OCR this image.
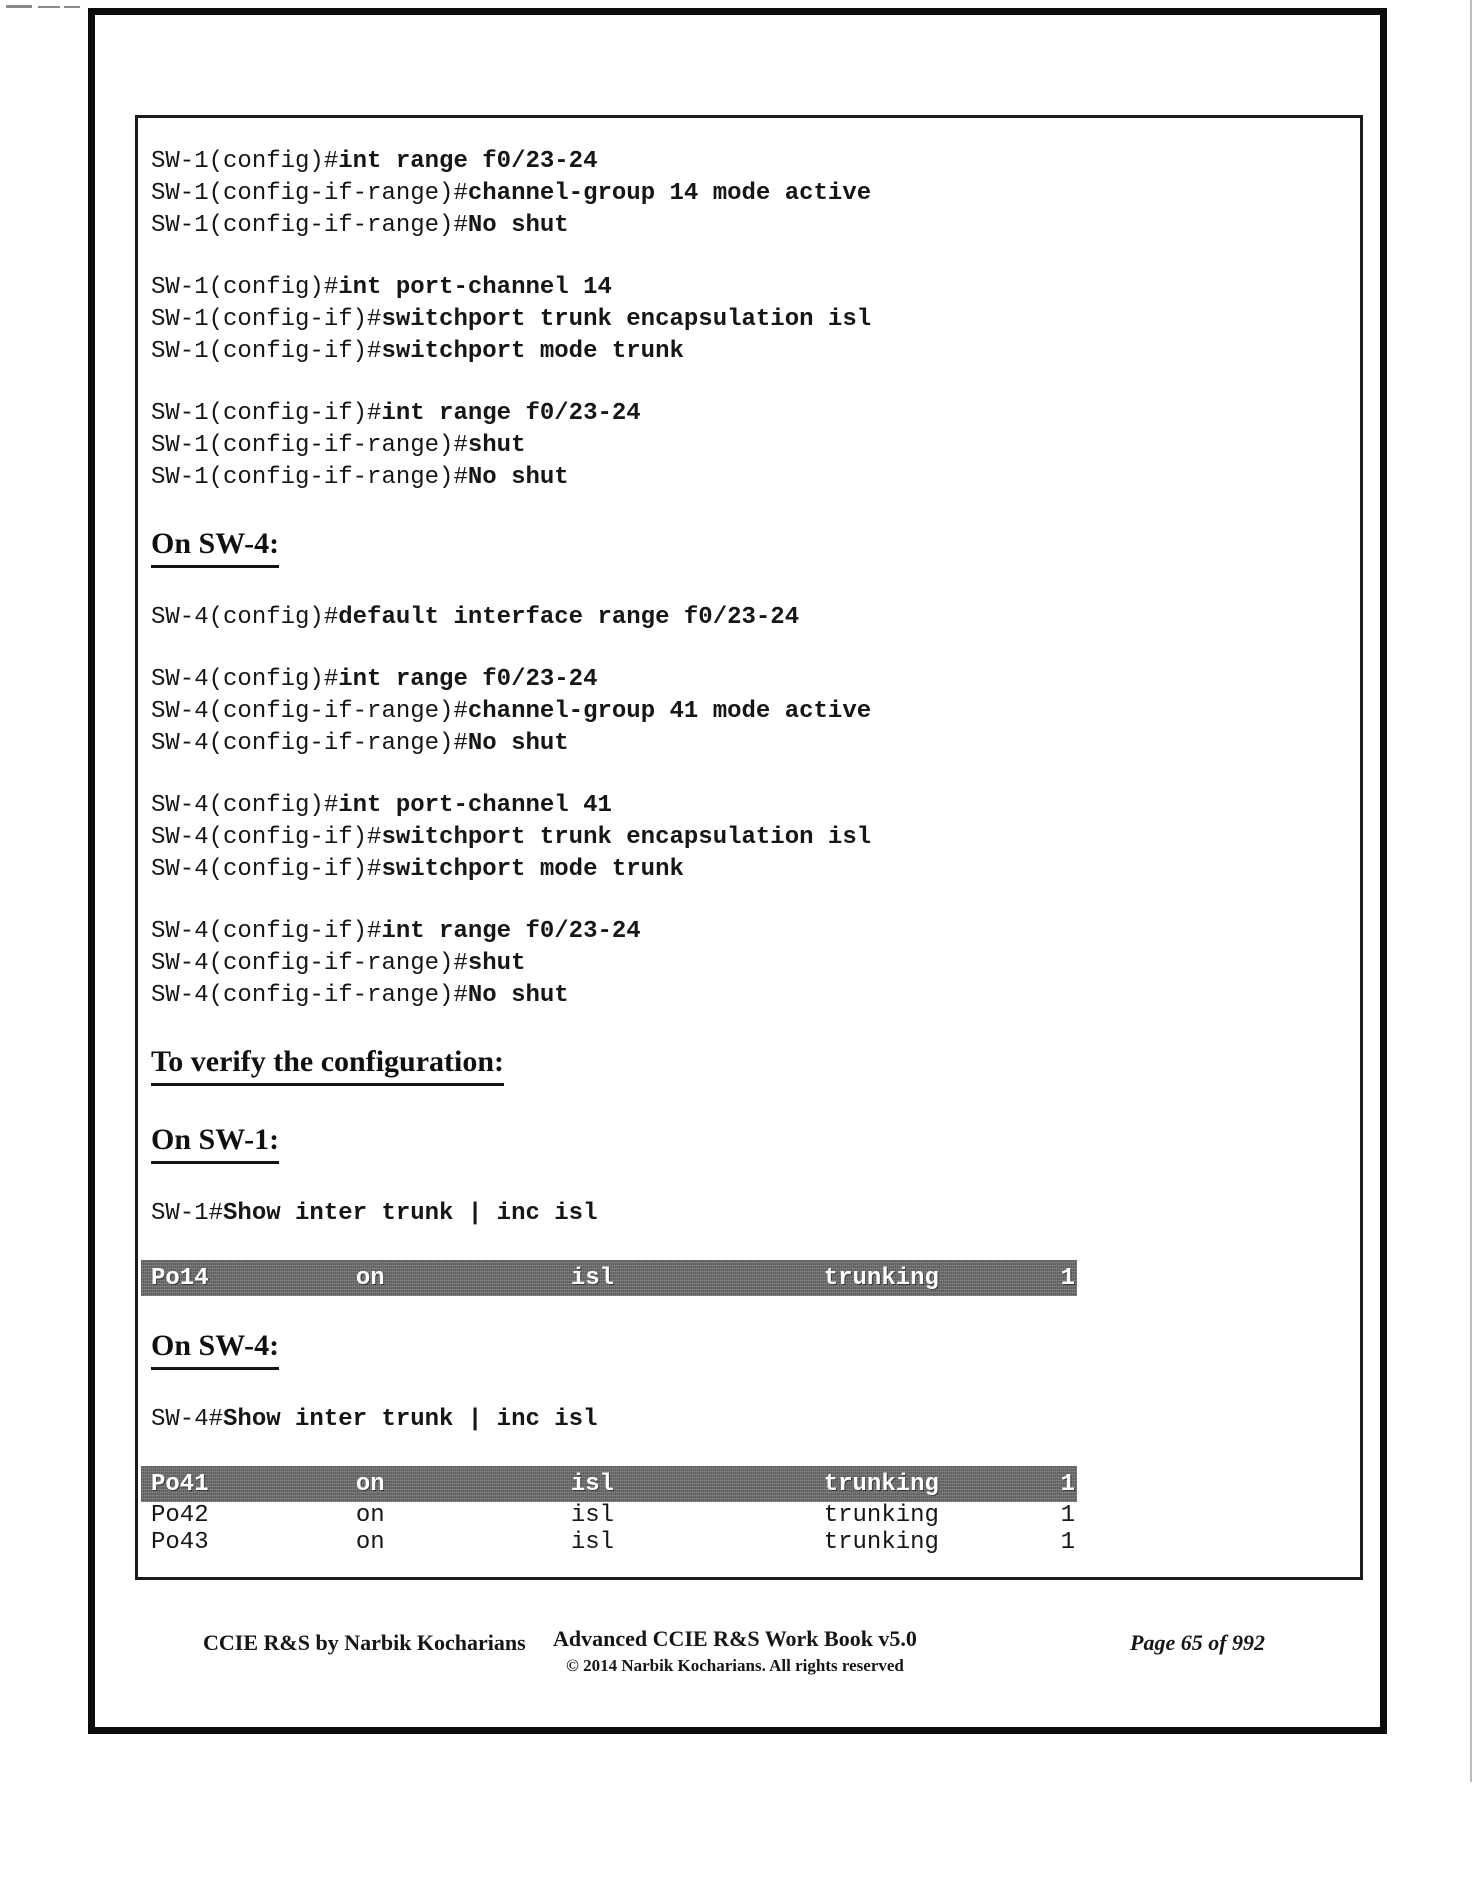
SW-1(config)#int range f0/23-24
SW-1(config-if-range)#channel-group 14 mode active
SW-1(config-if-range)#No shut
SW-1(config)#int port-channel 14
SW-1(config-if)#switchport trunk encapsulation isl
SW-1(config-if)#switchport mode trunk
SW-1(config-if)#int range f0/23-24
SW-1(config-if-range)#shut
SW-1(config-if-range)#No shut
On SW-4:
SW-4(config)#default interface range f0/23-24
SW-4(config)#int range f0/23-24
SW-4(config-if-range)#channel-group 41 mode active
SW-4(config-if-range)#No shut
SW-4(config)#int port-channel 41
SW-4(config-if)#switchport trunk encapsulation isl
SW-4(config-if)#switchport mode trunk
SW-4(config-if)#int range f0/23-24
SW-4(config-if-range)#shut
SW-4(config-if-range)#No shut
To verify the configuration:
On SW-1:
SW-1#Show inter trunk | inc isl
Po14	on	isl	trunking	1
On SW-4:
SW-4#Show inter trunk | inc isl
Po41	on	isl	trunking	1
Po42	on	isl	trunking	1
Po43	on	isl	trunking	1
CCIE R&S by Narbik Kocharians	Advanced CCIE R&S Work Book v5.0
© 2014 Narbik Kocharians. All rights reserved
Page 65 of 992
